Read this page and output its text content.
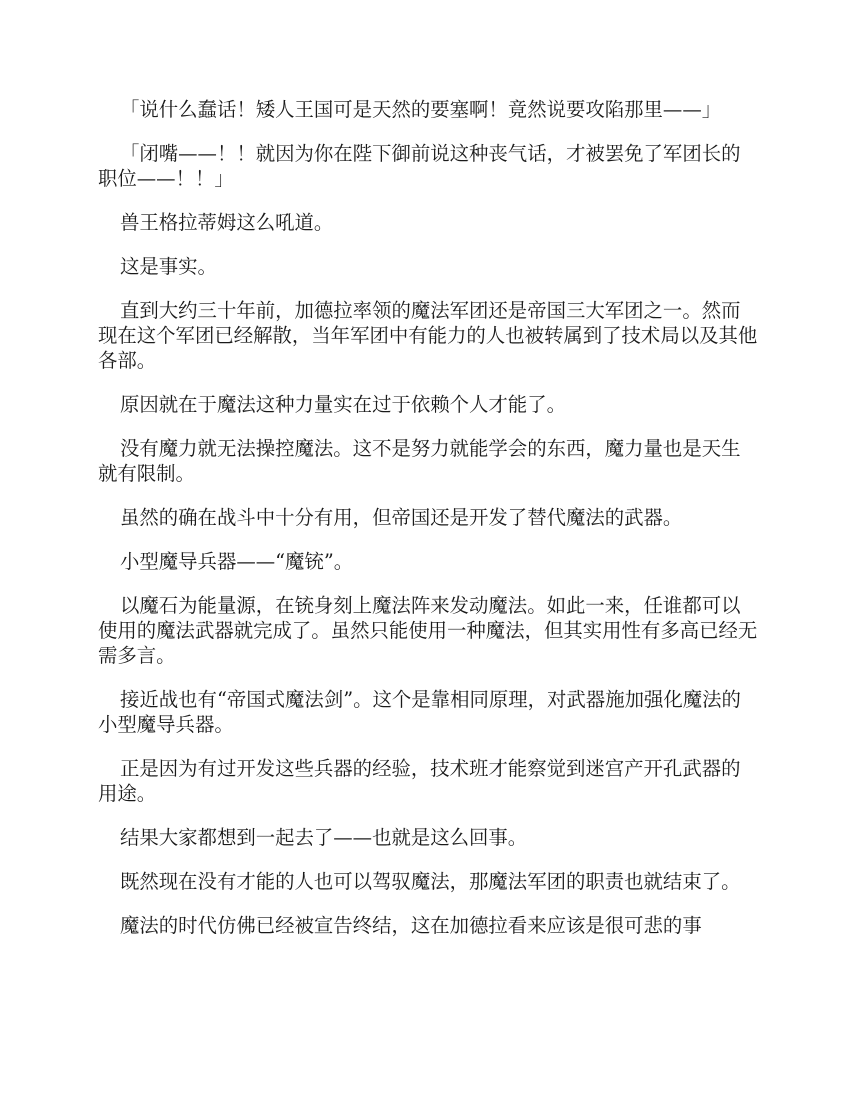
「说什么蠢话！矮人王国可是天然的要塞啊！竟然说要攻陷那里——」

「闭嘴——！！就因为你在陛下御前说这种丧气话，才被罢免了军团长的职位——！！」

兽王格拉蒂姆这么吼道。

这是事实。

直到大约三十年前，加德拉率领的魔法军团还是帝国三大军团之一。然而现在这个军团已经解散，当年军团中有能力的人也被转属到了技术局以及其他各部。

原因就在于魔法这种力量实在过于依赖个人才能了。

没有魔力就无法操控魔法。这不是努力就能学会的东西，魔力量也是天生就有限制。

虽然的确在战斗中十分有用，但帝国还是开发了替代魔法的武器。

小型魔导兵器——“魔铳”。

以魔石为能量源，在铳身刻上魔法阵来发动魔法。如此一来，任谁都可以使用的魔法武器就完成了。虽然只能使用一种魔法，但其实用性有多高已经无需多言。

接近战也有“帝国式魔法剑”。这个是靠相同原理，对武器施加强化魔法的小型魔导兵器。

正是因为有过开发这些兵器的经验，技术班才能察觉到迷宫产开孔武器的用途。

结果大家都想到一起去了——也就是这么回事。

既然现在没有才能的人也可以驾驭魔法，那魔法军团的职责也就结束了。

魔法的时代仿佛已经被宣告终结，这在加德拉看来应该是很可悲的事
